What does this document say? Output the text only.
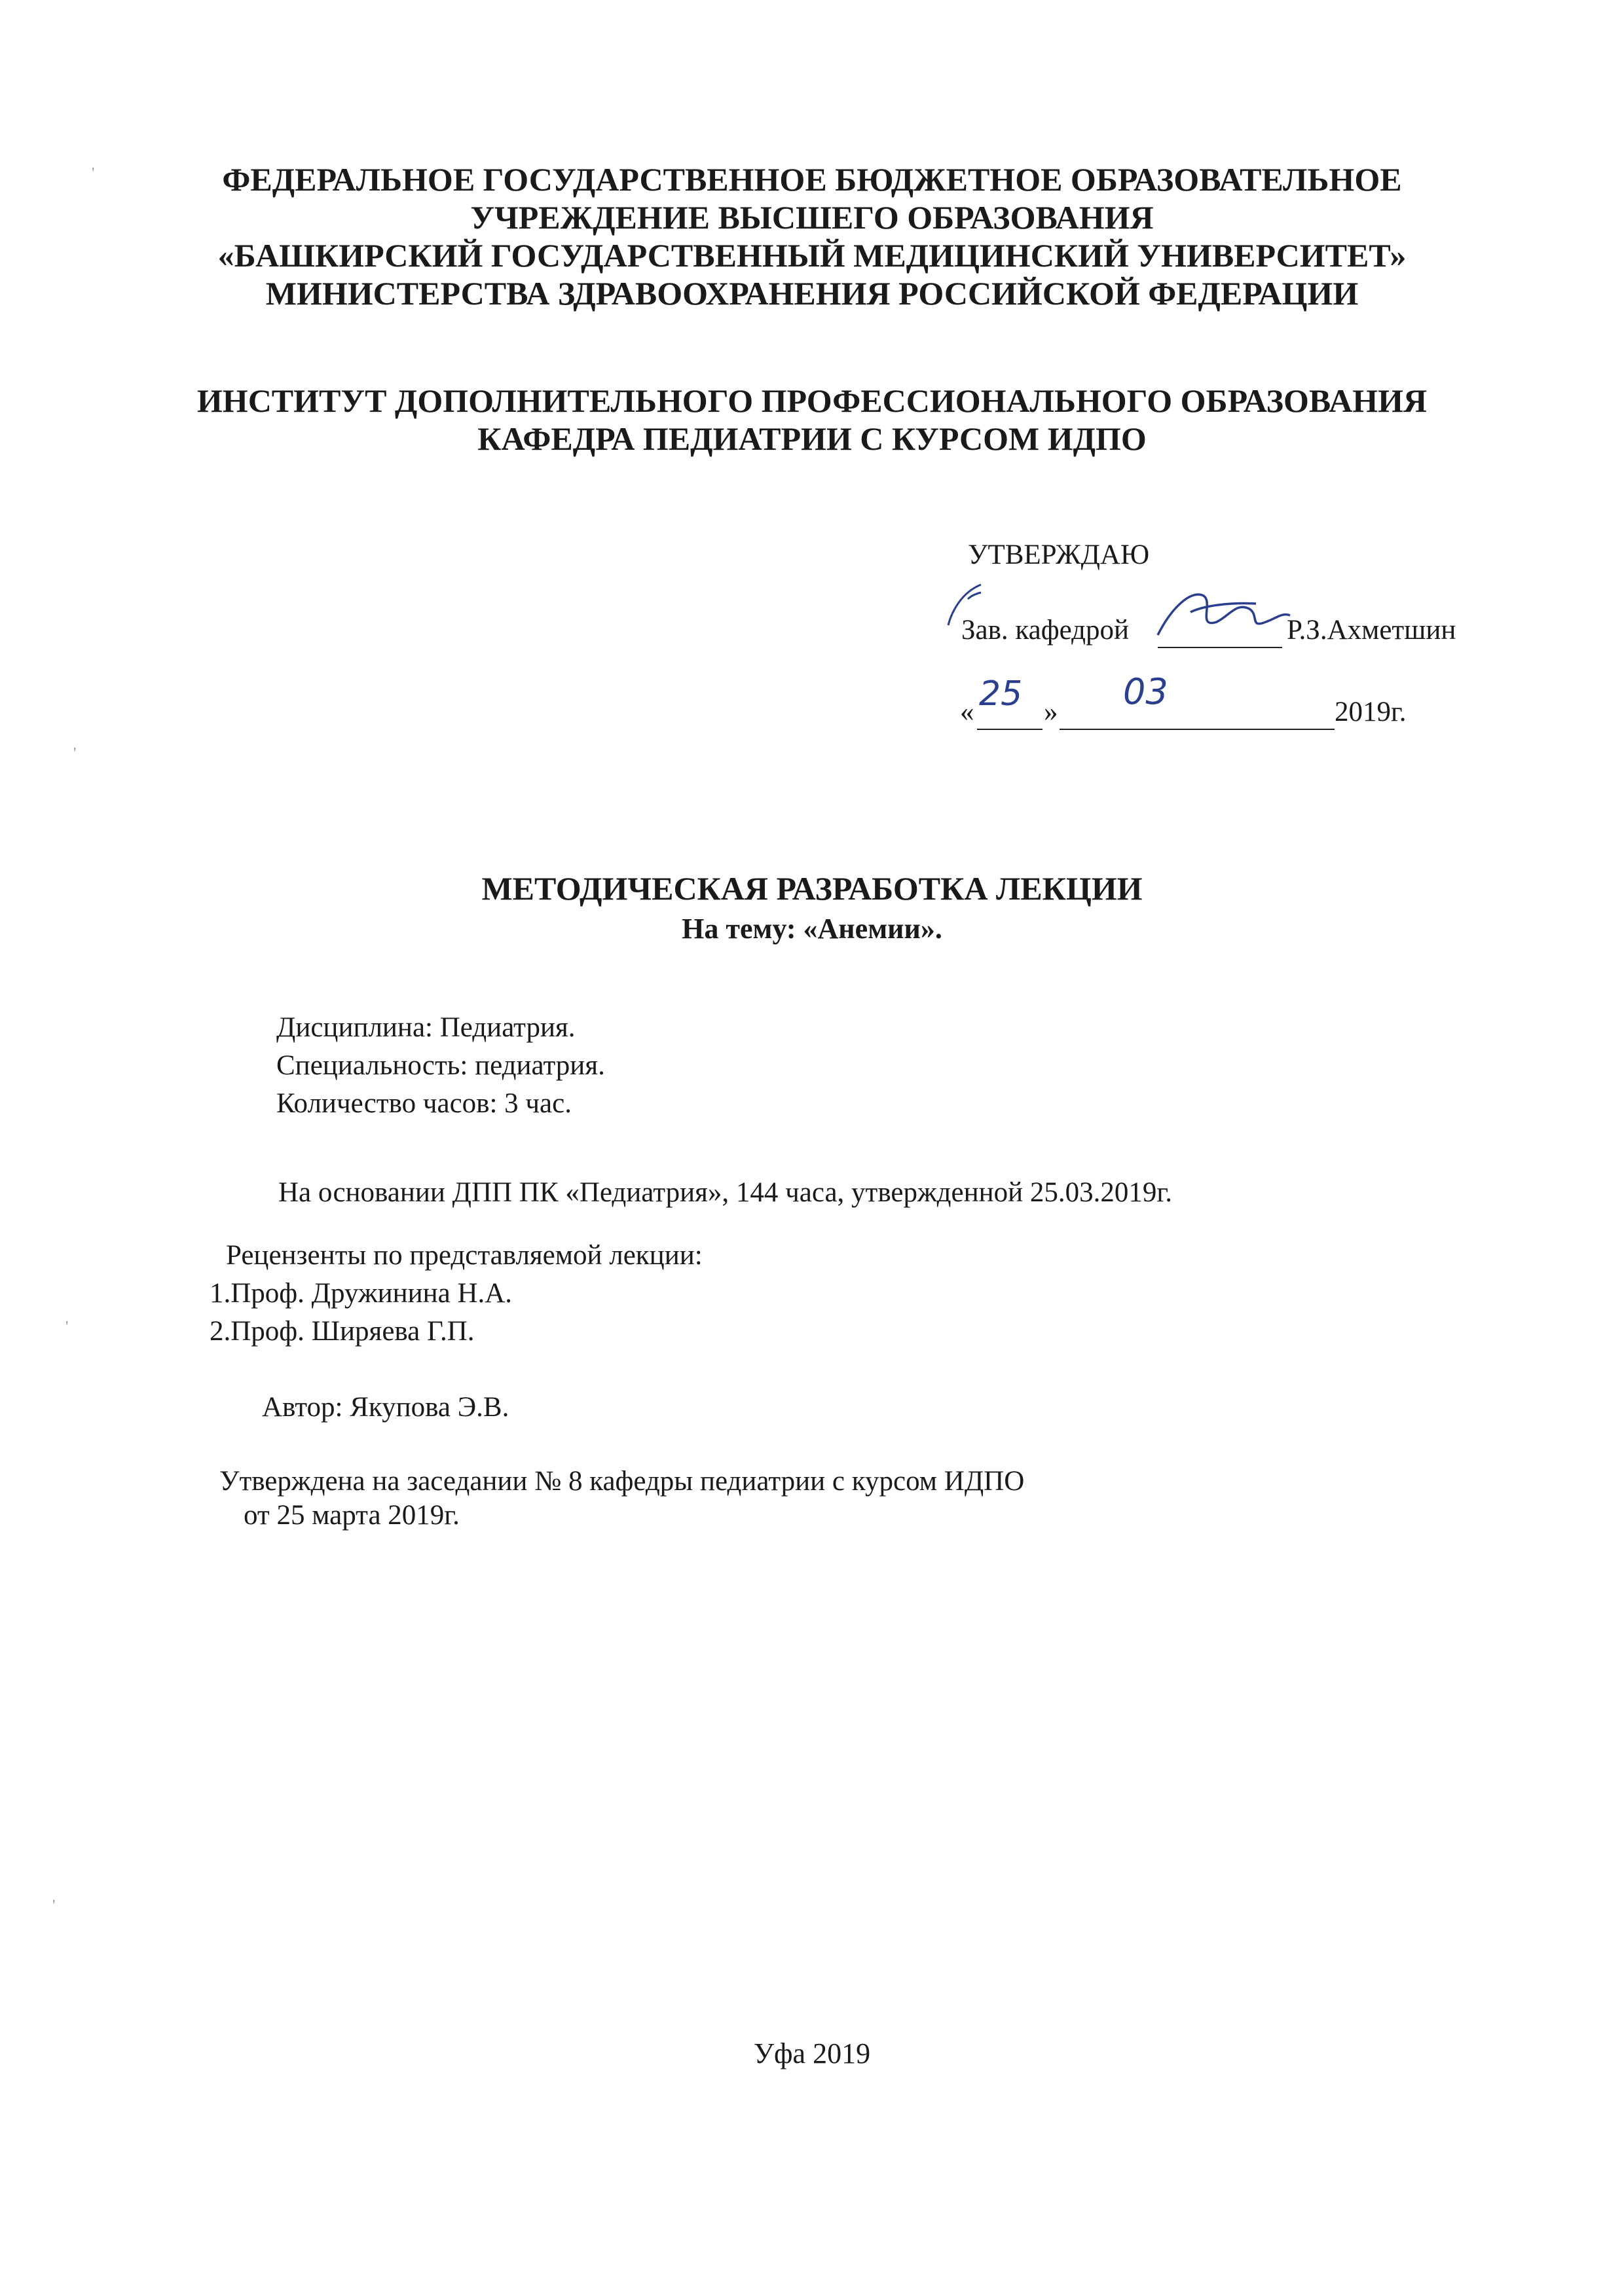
'
'
'
'
ФЕДЕРАЛЬНОЕ ГОСУДАРСТВЕННОЕ БЮДЖЕТНОЕ ОБРАЗОВАТЕЛЬНОЕ
УЧРЕЖДЕНИЕ ВЫСШЕГО ОБРАЗОВАНИЯ
«БАШКИРСКИЙ ГОСУДАРСТВЕННЫЙ МЕДИЦИНСКИЙ УНИВЕРСИТЕТ»
МИНИСТЕРСТВА ЗДРАВООХРАНЕНИЯ РОССИЙСКОЙ ФЕДЕРАЦИИ
ИНСТИТУТ ДОПОЛНИТЕЛЬНОГО ПРОФЕССИОНАЛЬНОГО ОБРАЗОВАНИЯ
КАФЕДРА ПЕДИАТРИИ С КУРСОМ ИДПО
УТВЕРЖДАЮ
Зав. кафедрой	Р.З.Ахметшин
« 25 » 03	2019г.
МЕТОДИЧЕСКАЯ РАЗРАБОТКА ЛЕКЦИИ
На тему: «Анемии».
Дисциплина: Педиатрия.
Специальность: педиатрия.
Количество часов: 3 час.
На основании ДПП ПК «Педиатрия», 144 часа, утвержденной 25.03.2019г.
Рецензенты по представляемой лекции:
1.Проф. Дружинина Н.А.
2.Проф. Ширяева Г.П.
Автор: Якупова Э.В.
Утверждена на заседании № 8 кафедры педиатрии с курсом ИДПО
от 25 марта 2019г.
Уфа 2019
